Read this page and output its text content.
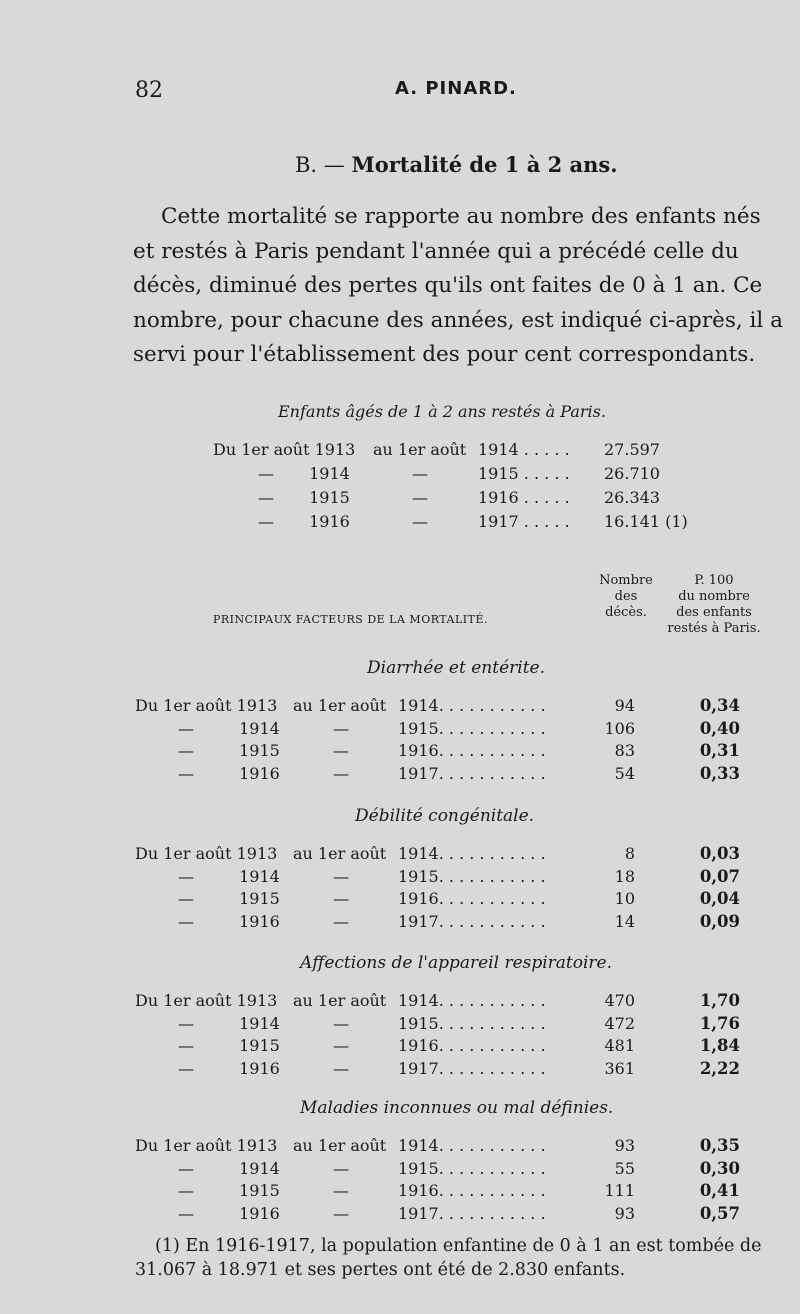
82	A. PINARD.
B. — Mortalité de 1 à 2 ans.
Cette mortalité se rapporte au nombre des enfants nés et restés à Paris pendant l'année qui a précédé celle du décès, diminué des pertes qu'ils ont faites de 0 à 1 an. Ce nombre, pour chacune des années, est indiqué ci-après, il a servi pour l'établissement des pour cent correspondants.
Enfants âgés de 1 à 2 ans restés à Paris.
Du 1er août 1913 au 1er août 1914 . . . . . 27.597
— 1914	—	1915 . . . . . 26.710
— 1915	—	1916 . . . . . 26.343
— 1916	—	1917 . . . . . 16.141 (1)
PRINCIPAUX FACTEURS DE LA MORTALITÉ.
Nombre
des
décès.
P. 100
du nombre
des enfants
restés à Paris.
Diarrhée et entérite.
Du 1er août 1913 au 1er août 1914. . . . . . . . . . .	94	0,34
— 1914	—	1915. . . . . . . . . . .	106	0,40
— 1915	—	1916. . . . . . . . . . .	83	0,31
— 1916	—	1917. . . . . . . . . . .	54	0,33
Débilité congénitale.
Du 1er août 1913 au 1er août 1914. . . . . . . . . . .	8	0,03
— 1914	—	1915. . . . . . . . . . .	18	0,07
— 1915	—	1916. . . . . . . . . . .	10	0,04
— 1916	—	1917. . . . . . . . . . .	14	0,09
Affections de l'appareil respiratoire.
Du 1er août 1913 au 1er août 1914. . . . . . . . . . .	470	1,70
— 1914	—	1915. . . . . . . . . . .	472	1,76
— 1915	—	1916. . . . . . . . . . .	481	1,84
— 1916	—	1917. . . . . . . . . . .	361	2,22
Maladies inconnues ou mal définies.
Du 1er août 1913 au 1er août 1914. . . . . . . . . . .	93	0,35
— 1914	—	1915. . . . . . . . . . .	55	0,30
— 1915	—	1916. . . . . . . . . . .	111	0,41
— 1916	—	1917. . . . . . . . . . .	93	0,57
(1) En 1916-1917, la population enfantine de 0 à 1 an est tombée de
31.067 à 18.971 et ses pertes ont été de 2.830 enfants.
